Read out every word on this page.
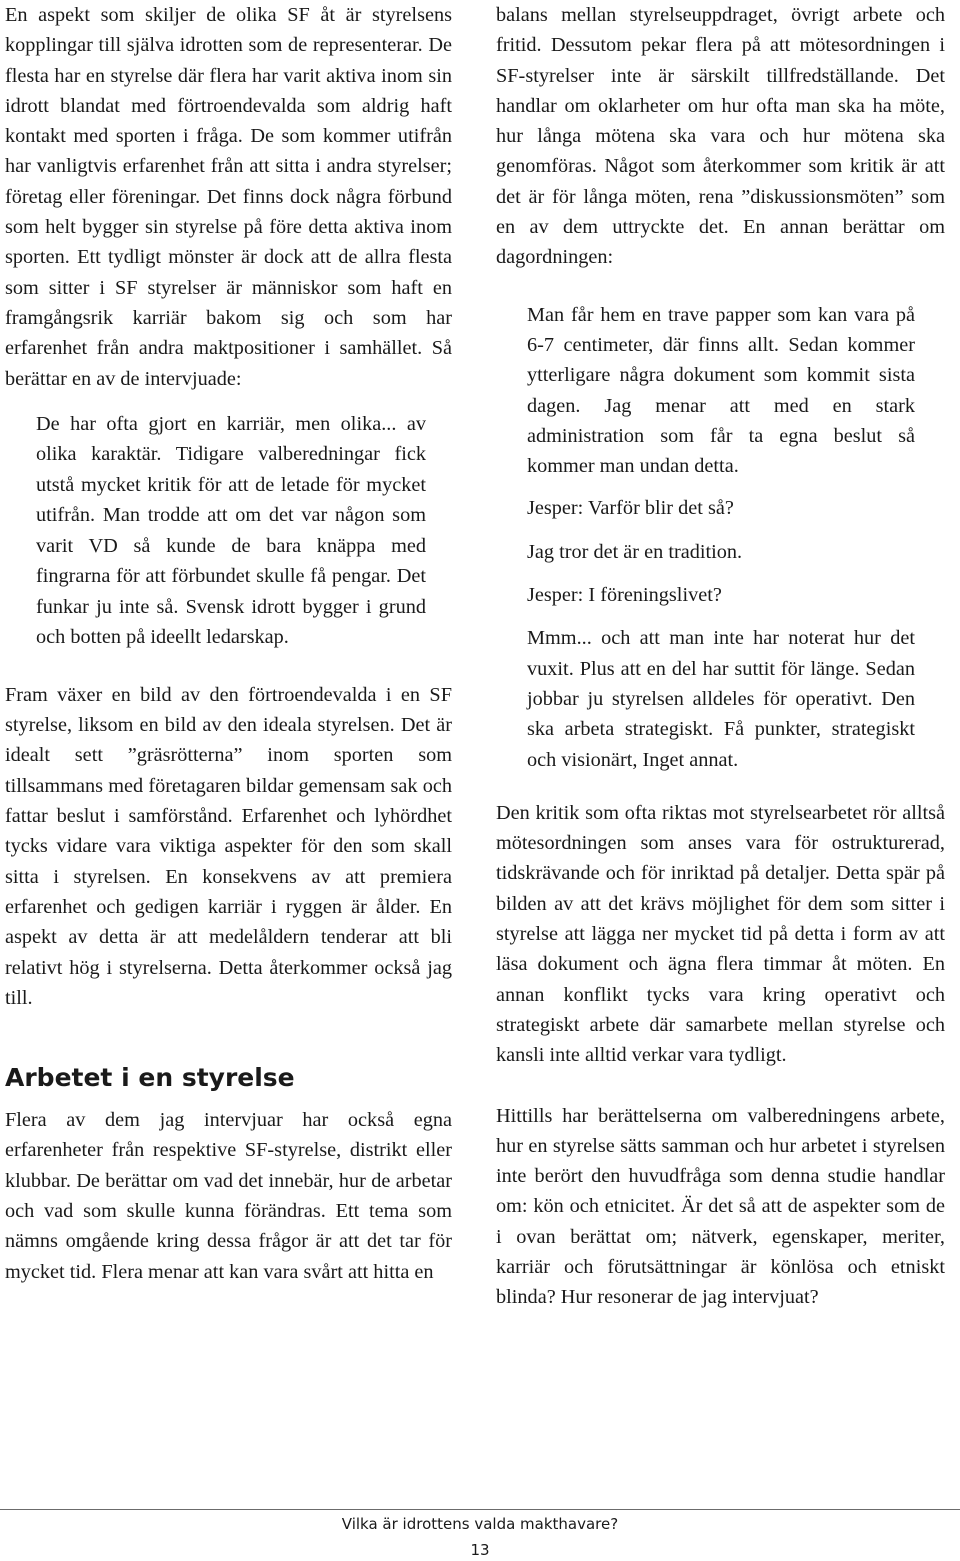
En aspekt som skiljer de olika SF åt är styrelsens kopplingar till själva idrotten som de representerar. De flesta har en styrelse där flera har varit aktiva inom sin idrott blandat med förtroendevalda som aldrig haft kontakt med sporten i fråga. De som kommer utifrån har vanligtvis erfarenhet från att sitta i andra styrelser; företag eller föreningar. Det finns dock några förbund som helt bygger sin styrelse på före detta aktiva inom sporten. Ett tydligt mönster är dock att de allra flesta som sitter i SF styrelser är människor som haft en framgångsrik karriär bakom sig och som har erfarenhet från andra maktpositioner i samhället. Så berättar en av de intervjuade:

De har ofta gjort en karriär, men olika... av olika karaktär. Tidigare valberedningar fick utstå mycket kritik för att de letade för mycket utifrån. Man trodde att om det var någon som varit VD så kunde de bara knäppa med fingrarna för att förbundet skulle få pengar. Det funkar ju inte så. Svensk idrott bygger i grund och botten på ideellt ledarskap.

Fram växer en bild av den förtroendevalda i en SF styrelse, liksom en bild av den ideala styrelsen. Det är idealt sett ”gräsrötterna” inom sporten som tillsammans med företagaren bildar gemensam sak och fattar beslut i samförstånd. Erfarenhet och lyhördhet tycks vidare vara viktiga aspekter för den som skall sitta i styrelsen. En konsekvens av att premiera erfarenhet och gedigen karriär i ryggen är ålder. En aspekt av detta är att medelåldern tenderar att bli relativt hög i styrelserna. Detta återkommer också jag till.

Arbetet i en styrelse

Flera av dem jag intervjuar har också egna erfarenheter från respektive SF-styrelse, distrikt eller klubbar. De berättar om vad det innebär, hur de arbetar och vad som skulle kunna förändras. Ett tema som nämns omgående kring dessa frågor är att det tar för mycket tid. Flera menar att kan vara svårt att hitta en

balans mellan styrelseuppdraget, övrigt arbete och fritid. Dessutom pekar flera på att mötesordningen i SF-styrelser inte är särskilt tillfredställande. Det handlar om oklarheter om hur ofta man ska ha möte, hur långa mötena ska vara och hur mötena ska genomföras. Något som återkommer som kritik är att det är för långa möten, rena ”diskussionsmöten” som en av dem uttryckte det. En annan berättar om dagordningen:

Man får hem en trave papper som kan vara på 6-7 centimeter, där finns allt. Sedan kommer ytterligare några dokument som kommit sista dagen. Jag menar att med en stark administration som får ta egna beslut så kommer man undan detta.

Jesper: Varför blir det så?

Jag tror det är en tradition.

Jesper: I föreningslivet?

Mmm... och att man inte har noterat hur det vuxit. Plus att en del har suttit för länge. Sedan jobbar ju styrelsen alldeles för operativt. Den ska arbeta strategiskt. Få punkter, strategiskt och visionärt, Inget annat.

Den kritik som ofta riktas mot styrelsearbetet rör alltså mötesordningen som anses vara för ostrukturerad, tidskrävande och för inriktad på detaljer. Detta spär på bilden av att det krävs möjlighet för dem som sitter i styrelse att lägga ner mycket tid på detta i form av att läsa dokument och ägna flera timmar åt möten. En annan konflikt tycks vara kring operativt och strategiskt arbete där samarbete mellan styrelse och kansli inte alltid verkar vara tydligt.

Hittills har berättelserna om valberedningens arbete, hur en styrelse sätts samman och hur arbetet i styrelsen inte berört den huvudfråga som denna studie handlar om: kön och etnicitet. Är det så att de aspekter som de i ovan berättat om; nätverk, egenskaper, meriter, karriär och förutsättningar är könlösa och etniskt blinda? Hur resonerar de jag intervjuat?

Vilka är idrottens valda makthavare?
13
